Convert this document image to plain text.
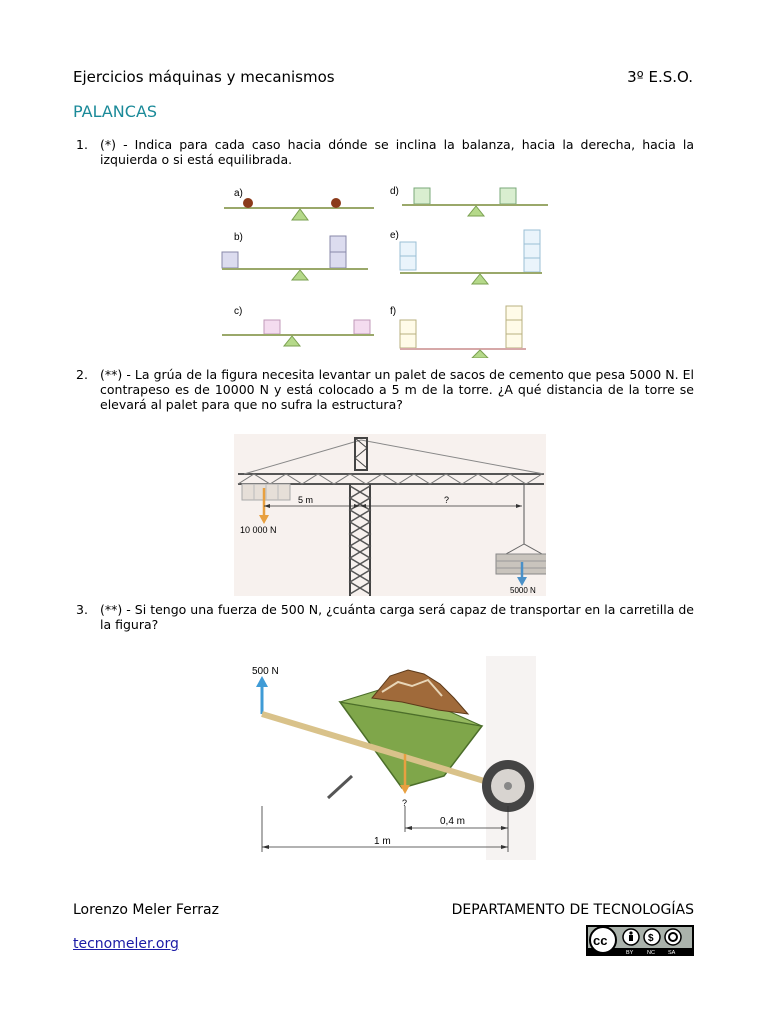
Ejercicios máquinas y mecanismos	3º E.S.O.
PALANCAS
1. (*) - Indica para cada caso hacia dónde se inclina la balanza, hacia la derecha, hacia la izquierda o si está equilibrada.
a)	d)
b)	e)
c)	f)
2. (**) - La grúa de la figura necesita levantar un palet de sacos de cemento que pesa 5000 N. El contrapeso es de 10000 N y está colocado a 5 m de la torre. ¿A qué distancia de la torre se elevará al palet para que no sufra la estructura?
10 000 N
5 m	?
5000 N
3. (**) - Si tengo una fuerza de 500 N, ¿cuánta carga será capaz de transportar en la carretilla de la figura?
500 N
?
0,4 m
1 m
Lorenzo Meler Ferraz	DEPARTAMENTO DE TECNOLOGÍAS
tecnomeler.org	cc	$
BY NC SA
